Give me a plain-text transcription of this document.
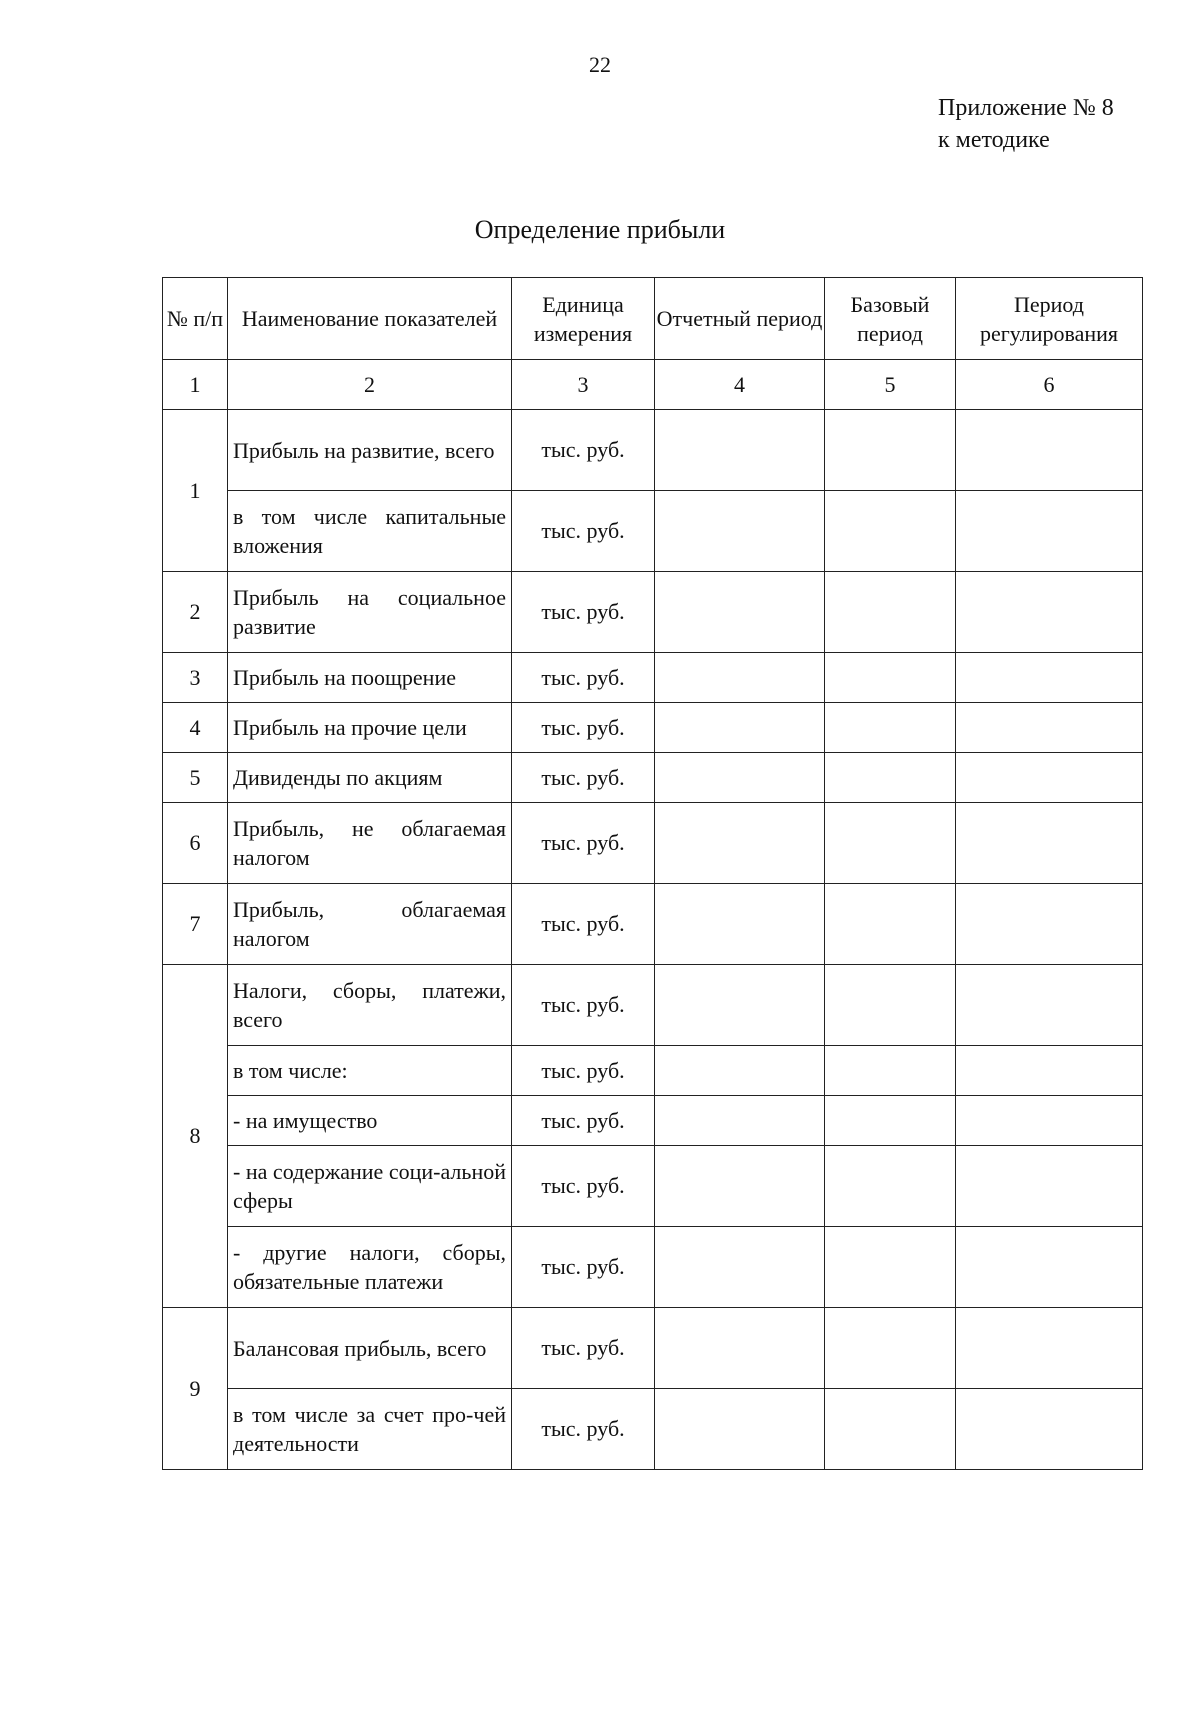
22
Приложение № 8
к методике
Определение прибыли
№ п/п	Наименование показателей	Единица измерения	Отчетный период	Базовый период	Период регулирования
1	2	3	4	5	6
1	Прибыль на развитие, всего	тыс. руб.			
	в том числе капитальные вложения	тыс. руб.			
2	Прибыль на социальное развитие	тыс. руб.			
3	Прибыль на поощрение	тыс. руб.			
4	Прибыль на прочие цели	тыс. руб.			
5	Дивиденды по акциям	тыс. руб.			
6	Прибыль, не облагаемая налогом	тыс. руб.			
7	Прибыль, облагаемая налогом	тыс. руб.			
8	Налоги, сборы, платежи, всего	тыс. руб.			
	в том числе:	тыс. руб.			
	- на имущество	тыс. руб.			
	- на содержание соци-альной сферы	тыс. руб.			
	- другие налоги, сборы, обязательные платежи	тыс. руб.			
9	Балансовая прибыль, всего	тыс. руб.			
	в том числе за счет про-чей деятельности	тыс. руб.			
